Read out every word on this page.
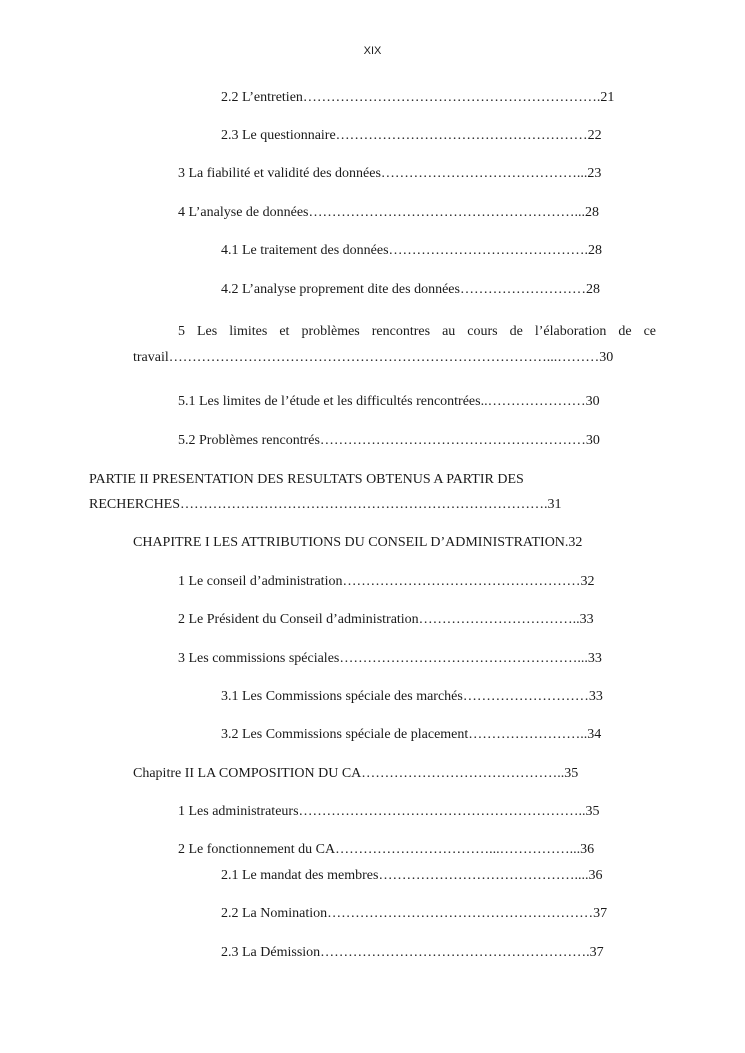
XIX
2.2 L’entretien……………………………………………………….21
2.3 Le questionnaire………………………………………………22
3 La fiabilité et validité des données……………………………………...23
4 L’analyse de données…………………………………………………...28
4.1 Le traitement des données…………………………………….28
4.2 L’analyse proprement dite des données………………………28
5 Les limites et problèmes rencontres au cours de l’élaboration de ce
travail………………………………………………………………………...………30
5.1 Les limites de l’étude et les difficultés rencontrées..…………………30
5.2 Problèmes rencontrés…………………………………………………30
PARTIE II PRESENTATION DES RESULTATS OBTENUS A PARTIR DES
RECHERCHES…………………………………………………………………….31
CHAPITRE I LES ATTRIBUTIONS DU CONSEIL D’ADMINISTRATION.32
1 Le conseil d’administration……………………………………………32
2 Le Président du Conseil d’administration……………………………..33
3 Les commissions spéciales……………………………………………...33
3.1 Les Commissions spéciale des marchés………………………33
3.2 Les Commissions spéciale de placement……………………..34
Chapitre II LA COMPOSITION DU CA……………………………………..35
1 Les administrateurs……………………………………………………..35
2 Le fonctionnement du CA……………………………...……………...36
2.1 Le mandat des membres……………………………………....36
2.2 La Nomination…………………………………………………37
2.3 La Démission………………………………………………….37
